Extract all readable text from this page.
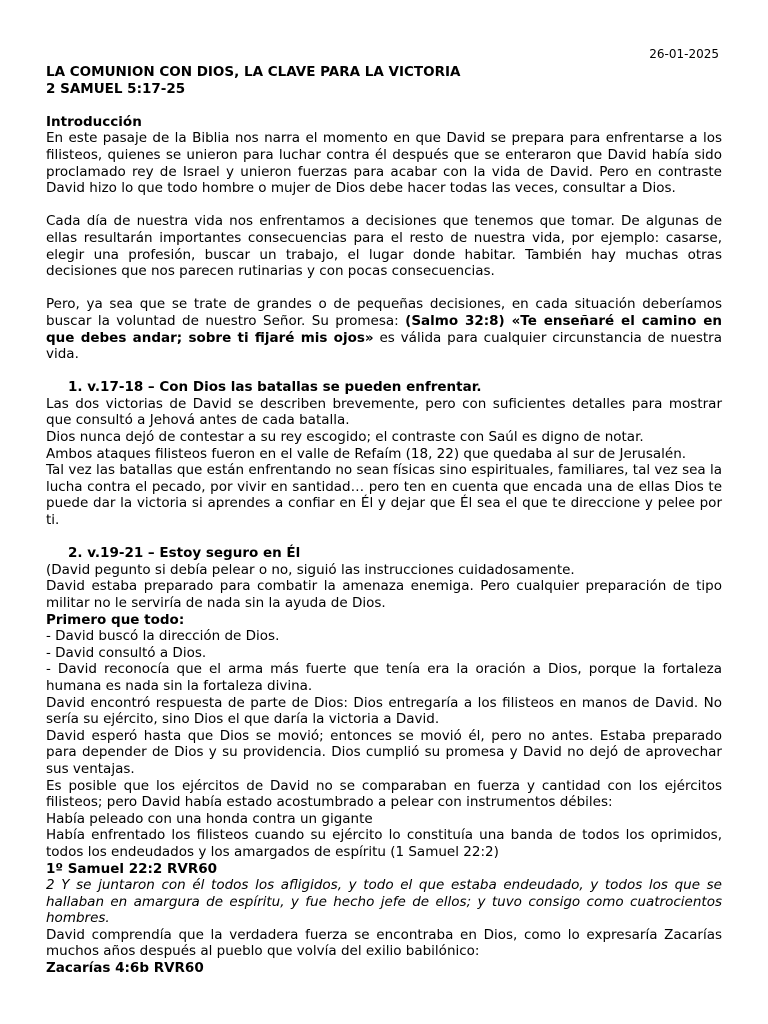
26-01-2025
LA COMUNION CON DIOS, LA CLAVE PARA LA VICTORIA
2 SAMUEL 5:17-25
Introducción

En este pasaje de la Biblia nos narra el momento en que David se prepara para enfrentarse a los filisteos, quienes se unieron para luchar contra él después que se enteraron que David había sido proclamado rey de Israel y unieron fuerzas para acabar con la vida de David. Pero en contraste David hizo lo que todo hombre o mujer de Dios debe hacer todas las veces, consultar a Dios.

Cada día de nuestra vida nos enfrentamos a decisiones que tenemos que tomar. De algunas de ellas resultarán importantes consecuencias para el resto de nuestra vida, por ejemplo: casarse, elegir una profesión, buscar un trabajo, el lugar donde habitar. También hay muchas otras decisiones que nos parecen rutinarias y con pocas consecuencias.

Pero, ya sea que se trate de grandes o de pequeñas decisiones, en cada situación deberíamos buscar la voluntad de nuestro Señor. Su promesa: (Salmo 32:8) «Te enseñaré el camino en que debes andar; sobre ti fijaré mis ojos» es válida para cualquier circunstancia de nuestra vida.

1. v.17-18 – Con Dios las batallas se pueden enfrentar.

Las dos victorias de David se describen brevemente, pero con suficientes detalles para mostrar que consultó a Jehová antes de cada batalla.

Dios nunca dejó de contestar a su rey escogido; el contraste con Saúl es digno de notar.

Ambos ataques filisteos fueron en el valle de Refaím (18, 22) que quedaba al sur de Jerusalén.

Tal vez las batallas que están enfrentando no sean físicas sino espirituales, familiares, tal vez sea la lucha contra el pecado, por vivir en santidad… pero ten en cuenta que encada una de ellas Dios te puede dar la victoria si aprendes a confiar en Él y dejar que Él sea el que te direccione y pelee por ti.

2. v.19-21 – Estoy seguro en Él

(David pegunto si debía pelear o no, siguió las instrucciones cuidadosamente.

David estaba preparado para combatir la amenaza enemiga. Pero cualquier preparación de tipo militar no le serviría de nada sin la ayuda de Dios.

Primero que todo:

- David buscó la dirección de Dios.

- David consultó a Dios.

- David reconocía que el arma más fuerte que tenía era la oración a Dios, porque la fortaleza humana es nada sin la fortaleza divina.

David encontró respuesta de parte de Dios: Dios entregaría a los filisteos en manos de David. No sería su ejército, sino Dios el que daría la victoria a David.

David esperó hasta que Dios se movió; entonces se movió él, pero no antes. Estaba preparado para depender de Dios y su providencia. Dios cumplió su promesa y David no dejó de aprovechar sus ventajas.

Es posible que los ejércitos de David no se comparaban en fuerza y cantidad con los ejércitos filisteos; pero David había estado acostumbrado a pelear con instrumentos débiles:

Había peleado con una honda contra un gigante

Había enfrentado los filisteos cuando su ejército lo constituía una banda de todos los oprimidos, todos los endeudados y los amargados de espíritu (1 Samuel 22:2)

1º Samuel 22:2 RVR60

2 Y se juntaron con él todos los afligidos, y todo el que estaba endeudado, y todos los que se hallaban en amargura de espíritu, y fue hecho jefe de ellos; y tuvo consigo como cuatrocientos hombres.

David comprendía que la verdadera fuerza se encontraba en Dios, como lo expresaría Zacarías muchos años después al pueblo que volvía del exilio babilónico:

Zacarías 4:6b RVR60
